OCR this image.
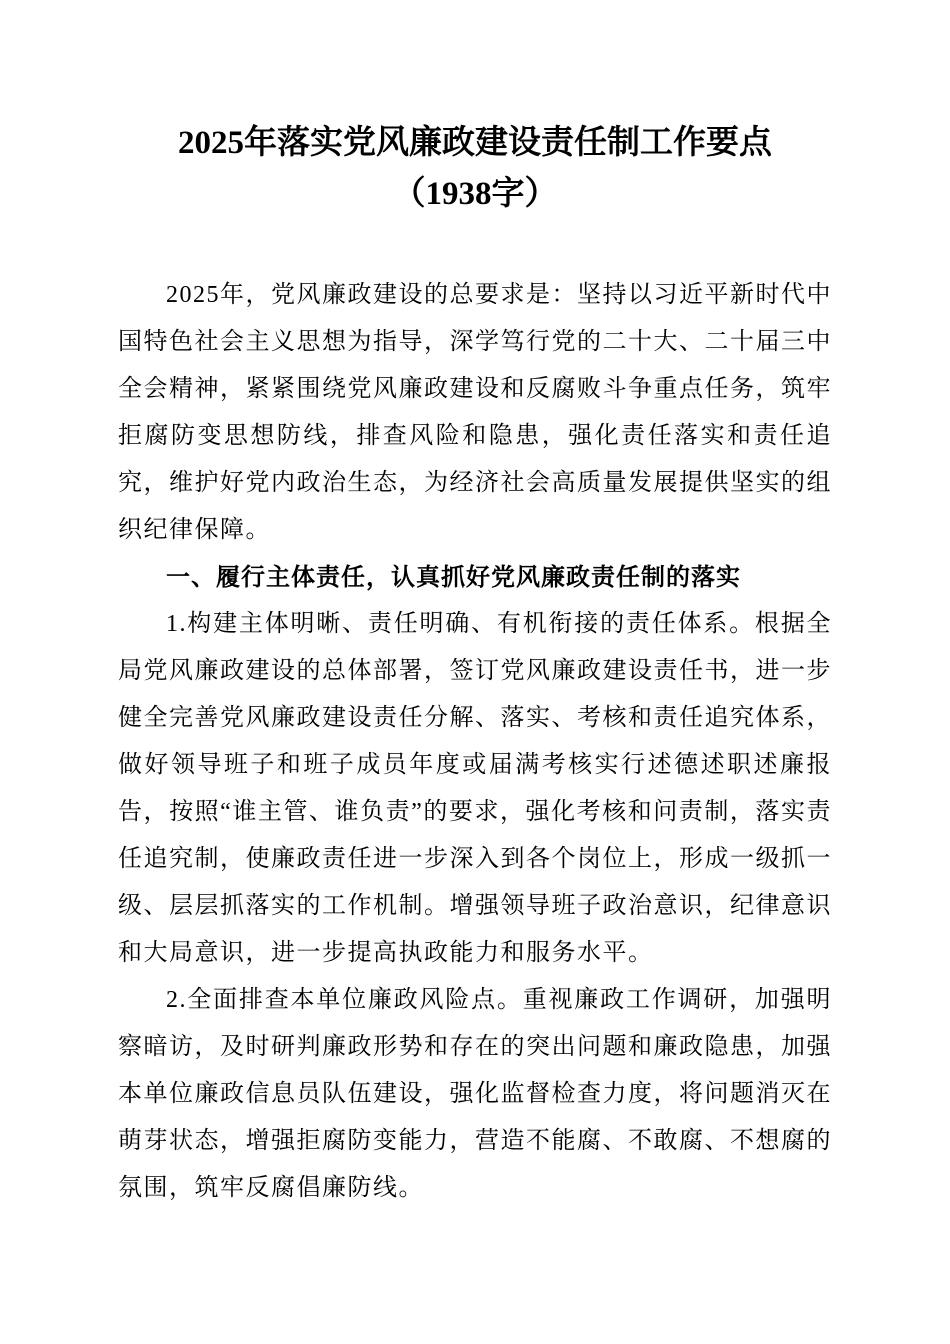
2025年落实党风廉政建设责任制工作要点
（1938字）

2025年，党风廉政建设的总要求是：坚持以习近平新时代中国特色社会主义思想为指导，深学笃行党的二十大、二十届三中全会精神，紧紧围绕党风廉政建设和反腐败斗争重点任务，筑牢拒腐防变思想防线，排查风险和隐患，强化责任落实和责任追究，维护好党内政治生态，为经济社会高质量发展提供坚实的组织纪律保障。

一、履行主体责任，认真抓好党风廉政责任制的落实

1.构建主体明晰、责任明确、有机衔接的责任体系。根据全局党风廉政建设的总体部署，签订党风廉政建设责任书，进一步健全完善党风廉政建设责任分解、落实、考核和责任追究体系，做好领导班子和班子成员年度或届满考核实行述德述职述廉报告，按照“谁主管、谁负责”的要求，强化考核和问责制，落实责任追究制，使廉政责任进一步深入到各个岗位上，形成一级抓一级、层层抓落实的工作机制。增强领导班子政治意识，纪律意识和大局意识，进一步提高执政能力和服务水平。

2.全面排查本单位廉政风险点。重视廉政工作调研，加强明察暗访，及时研判廉政形势和存在的突出问题和廉政隐患，加强本单位廉政信息员队伍建设，强化监督检查力度，将问题消灭在萌芽状态，增强拒腐防变能力，营造不能腐、不敢腐、不想腐的氛围，筑牢反腐倡廉防线。
